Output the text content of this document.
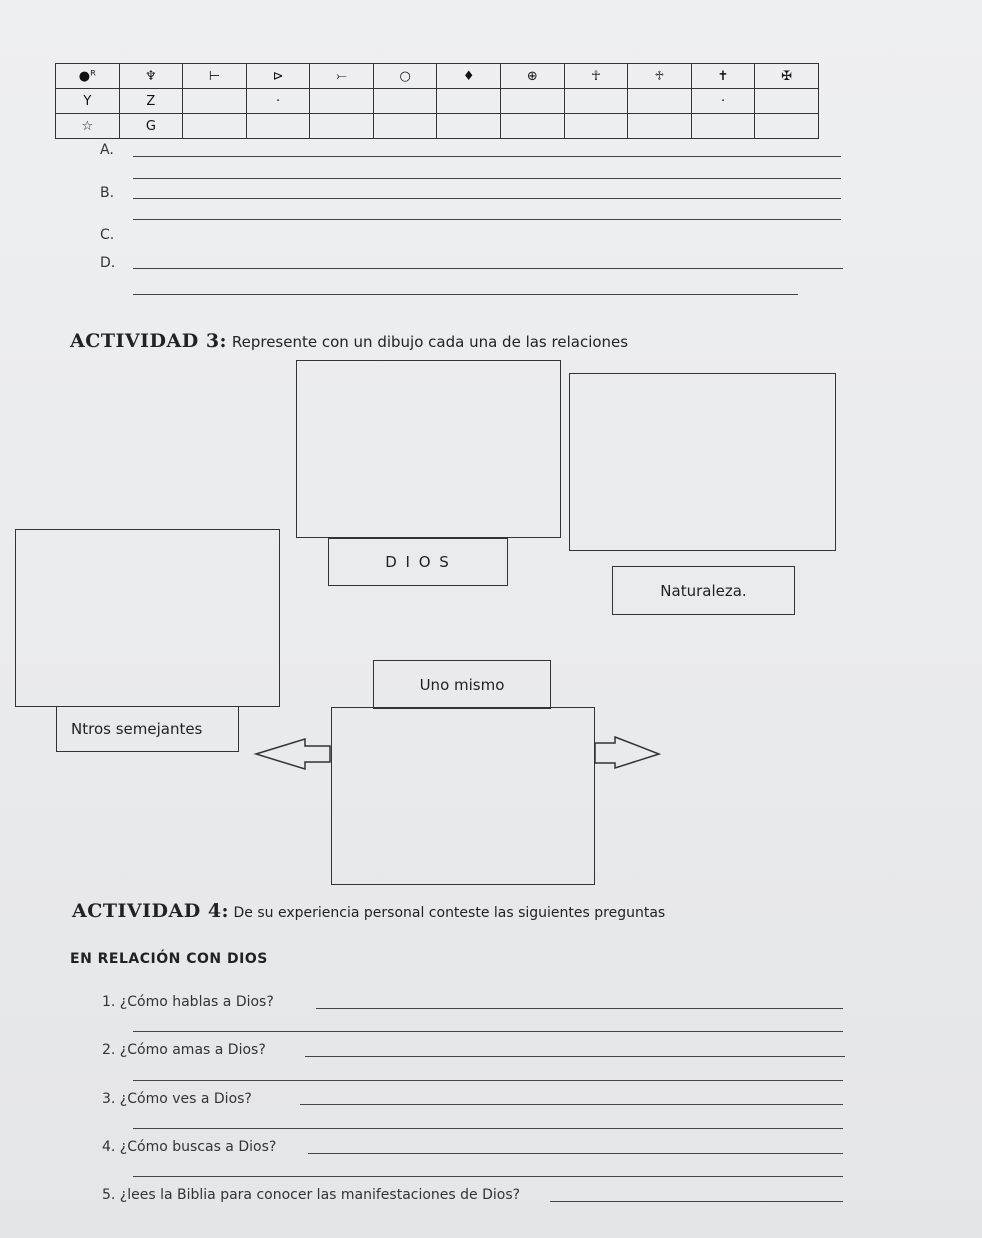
●ᴿ	♆	⊢	⊳	⤚	○	♦	⊕	☥	♱	✝	✠
Y	Z		·							·	
☆	G										
A.
B.
C.
D.
ACTIVIDAD 3: Represente con un dibujo cada una de las relaciones
D I O S
Naturaleza.
Ntros semejantes
Uno mismo
ACTIVIDAD 4: De su experiencia personal conteste las siguientes preguntas
EN RELACIÓN CON DIOS
1. ¿Cómo hablas a Dios?
2. ¿Cómo amas a Dios?
3. ¿Cómo ves a Dios?
4. ¿Cómo buscas a Dios?
5. ¿lees la Biblia para conocer las manifestaciones de Dios?
